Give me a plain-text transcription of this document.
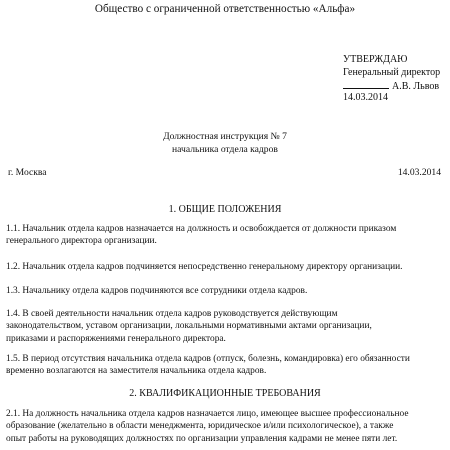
Общество с ограниченной ответственностью «Альфа»
УТВЕРЖДАЮ
Генеральный директор
А.В. Львов
14.03.2014
Должностная инструкция № 7
начальника отдела кадров
г. Москва	14.03.2014
1. ОБЩИЕ ПОЛОЖЕНИЯ
1.1. Начальник отдела кадров назначается на должность и освобождается от должности приказом
генерального директора организации.
1.2. Начальник отдела кадров подчиняется непосредственно генеральному директору организации.
1.3. Начальнику отдела кадров подчиняются все сотрудники отдела кадров.
1.4. В своей деятельности начальник отдела кадров руководствуется действующим
законодательством, уставом организации, локальными нормативными актами организации,
приказами и распоряжениями генерального директора.
1.5. В период отсутствия начальника отдела кадров (отпуск, болезнь, командировка) его обязанности
временно возлагаются на заместителя начальника отдела кадров.
2. КВАЛИФИКАЦИОННЫЕ ТРЕБОВАНИЯ
2.1. На должность начальника отдела кадров назначается лицо, имеющее высшее профессиональное
образование (желательно в области менеджмента, юридическое и/или психологическое), а также
опыт работы на руководящих должностях по организации управления кадрами не менее пяти лет.
